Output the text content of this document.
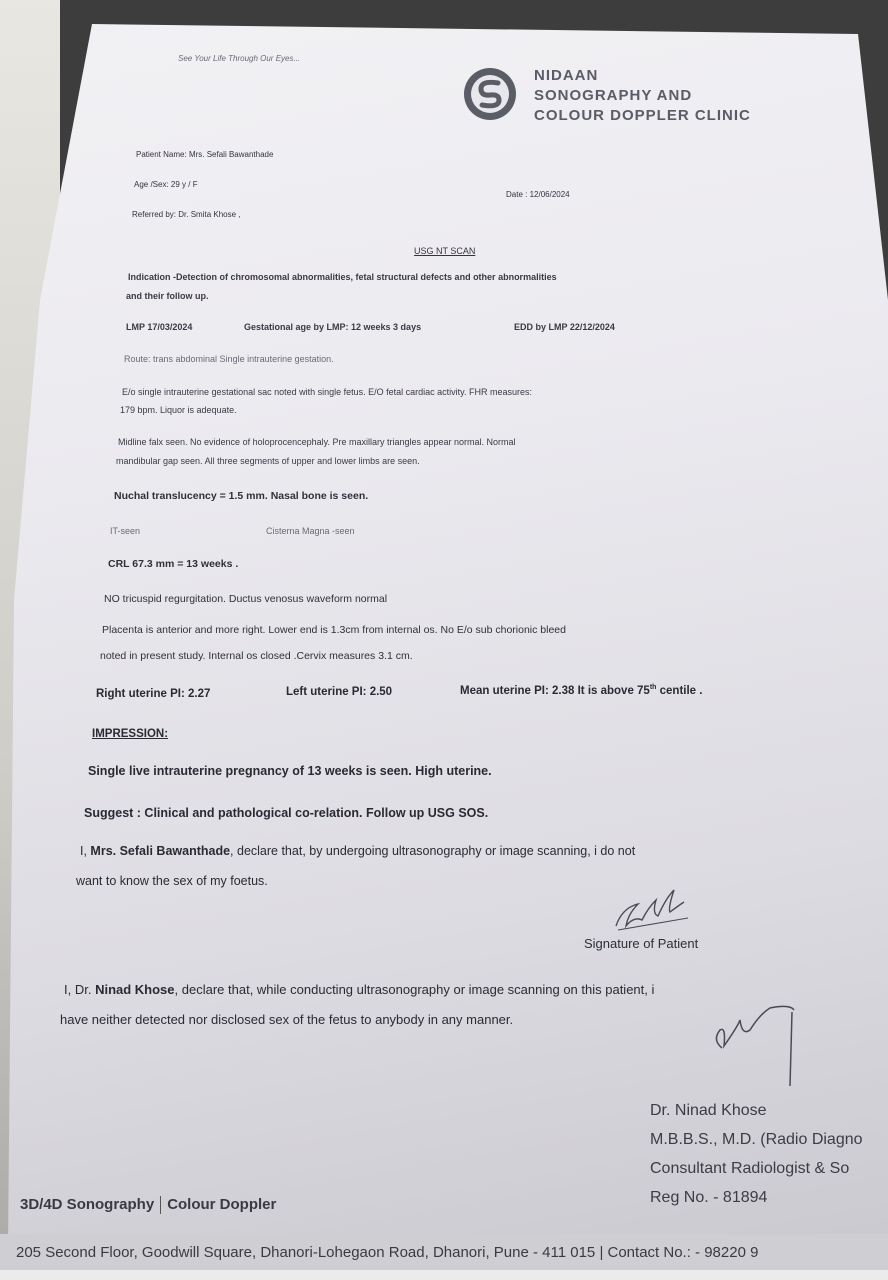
See Your Life Through Our Eyes...
NIDAAN
SONOGRAPHY AND
COLOUR DOPPLER CLINIC
Patient Name: Mrs. Sefali Bawanthade
Age /Sex: 29 y / F
Date : 12/06/2024
Referred by: Dr. Smita Khose ,
USG NT SCAN
Indication -Detection of chromosomal abnormalities, fetal structural defects and other abnormalities
and their follow up.
LMP 17/03/2024	Gestational age by LMP: 12 weeks 3 days	EDD by LMP 22/12/2024
Route: trans abdominal Single intrauterine gestation.
E/o single intrauterine gestational sac noted with single fetus. E/O fetal cardiac activity. FHR measures:
179 bpm. Liquor is adequate.
Midline falx seen. No evidence of holoprocencephaly. Pre maxillary triangles appear normal. Normal
mandibular gap seen. All three segments of upper and lower limbs are seen.
Nuchal translucency = 1.5 mm. Nasal bone is seen.
IT-seen	Cisterna Magna -seen
CRL 67.3 mm = 13 weeks .
NO tricuspid regurgitation. Ductus venosus waveform normal
Placenta is anterior and more right. Lower end is 1.3cm from internal os. No E/o sub chorionic bleed
noted in present study. Internal os closed .Cervix measures 3.1 cm.
Right uterine PI: 2.27	Left uterine PI: 2.50	Mean uterine PI: 2.38 It is above 75th centile .
IMPRESSION:
Single live intrauterine pregnancy of 13 weeks is seen. High uterine.
Suggest : Clinical and pathological co-relation. Follow up USG SOS.
I, Mrs. Sefali Bawanthade, declare that, by undergoing ultrasonography or image scanning, i do not
want to know the sex of my foetus.
Signature of Patient
I, Dr. Ninad Khose, declare that, while conducting ultrasonography or image scanning on this patient, i
have neither detected nor disclosed sex of the fetus to anybody in any manner.
Dr. Ninad Khose
M.B.B.S., M.D. (Radio Diagno
Consultant Radiologist & So
Reg No. - 81894
3D/4D Sonography Colour Doppler
205 Second Floor, Goodwill Square, Dhanori-Lohegaon Road, Dhanori, Pune - 411 015 | Contact No.: - 98220 9
